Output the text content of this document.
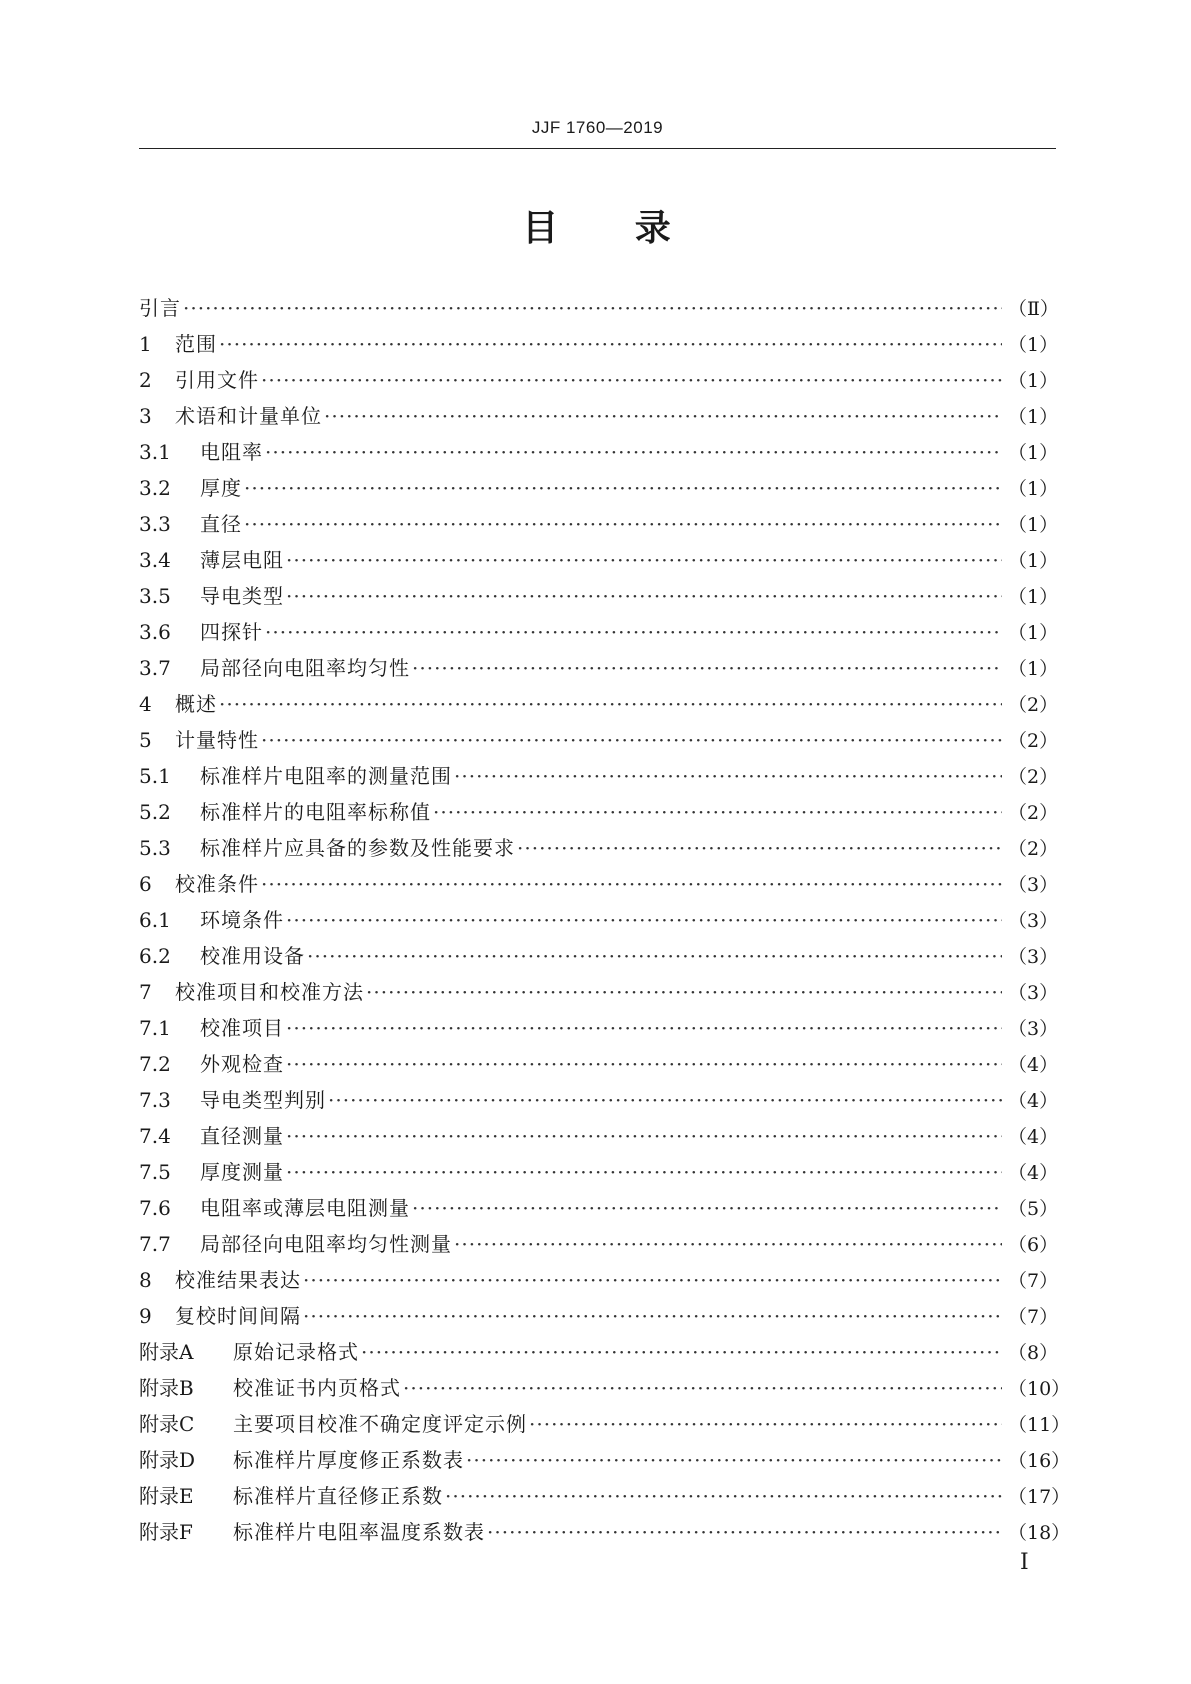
JJF 1760—2019
目 录
引言 ·····	（Ⅱ）
1	范围 ·····	（1）
2	引用文件 ·····	（1）
3	术语和计量单位 ·····	（1）
3.1	电阻率 ·····	（1）
3.2	厚度 ·····	（1）
3.3	直径 ·····	（1）
3.4	薄层电阻 ·····	（1）
3.5	导电类型 ·····	（1）
3.6	四探针 ·····	（1）
3.7	局部径向电阻率均匀性 ·····	（1）
4	概述 ·····	（2）
5	计量特性 ·····	（2）
5.1	标准样片电阻率的测量范围 ·····	（2）
5.2	标准样片的电阻率标称值 ·····	（2）
5.3	标准样片应具备的参数及性能要求 ·····	（2）
6	校准条件 ·····	（3）
6.1	环境条件 ·····	（3）
6.2	校准用设备 ·····	（3）
7	校准项目和校准方法 ·····	（3）
7.1	校准项目 ·····	（3）
7.2	外观检查 ·····	（4）
7.3	导电类型判别 ·····	（4）
7.4	直径测量 ·····	（4）
7.5	厚度测量 ·····	（4）
7.6	电阻率或薄层电阻测量 ·····	（5）
7.7	局部径向电阻率均匀性测量 ·····	（6）
8	校准结果表达 ·····	（7）
9	复校时间间隔 ·····	（7）
附录A	原始记录格式 ·····	（8）
附录B	校准证书内页格式 ·····	（10）
附录C	主要项目校准不确定度评定示例 ·····	（11）
附录D	标准样片厚度修正系数表 ·····	（16）
附录E	标准样片直径修正系数 ·····	（17）
附录F	标准样片电阻率温度系数表 ·····	（18）
I
